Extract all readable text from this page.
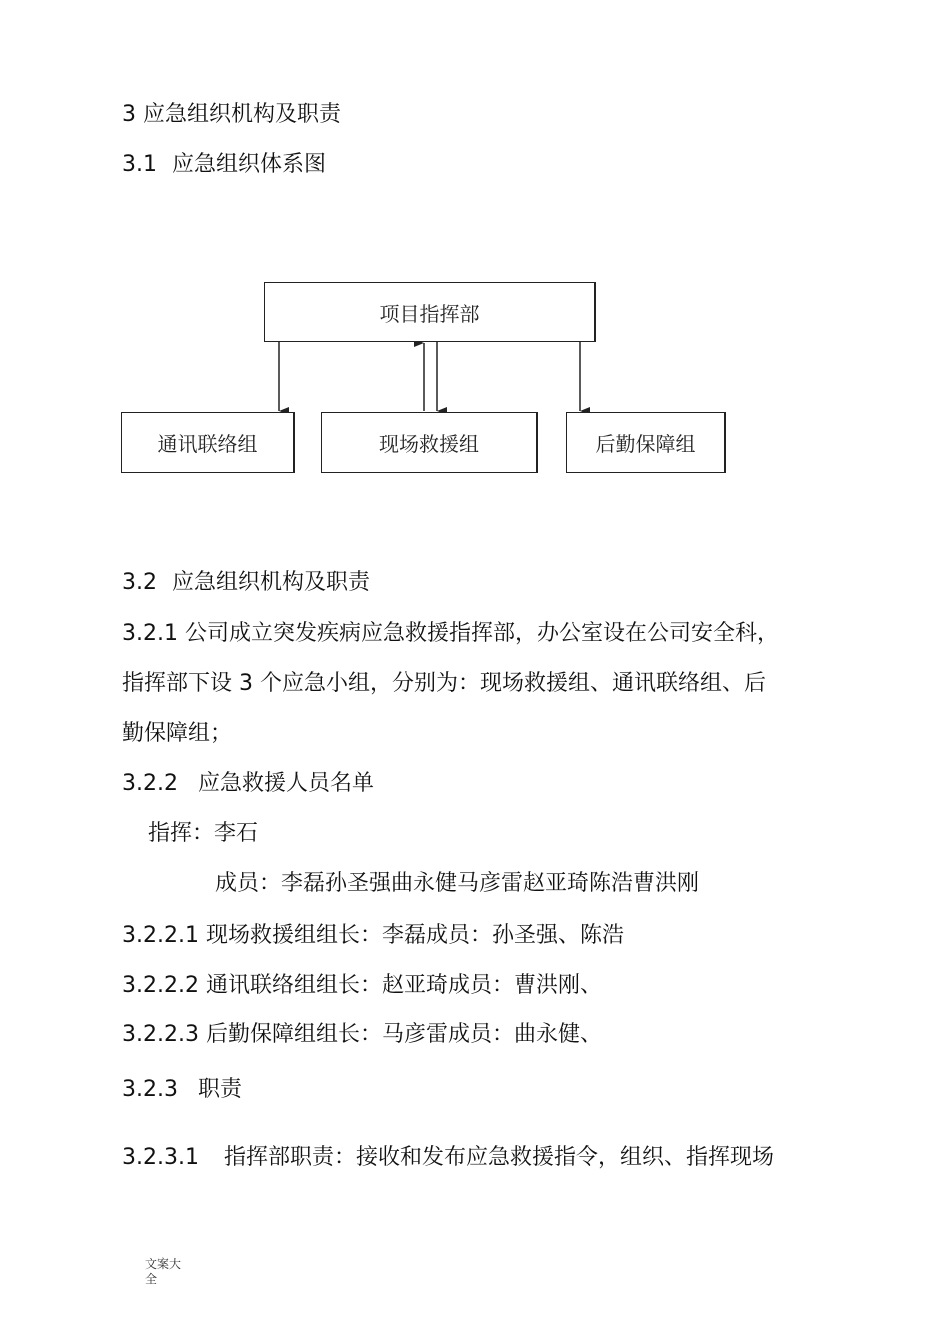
3 应急组织机构及职责
3.1 应急组织体系图
项目指挥部
通讯联络组	现场救援组	后勤保障组
3.2 应急组织机构及职责
3.2.1 公司成立突发疾病应急救援指挥部，办公室设在公司安全科，
指挥部下设 3 个应急小组，分别为：现场救援组、通讯联络组、后
勤保障组；
3.2.2 应急救援人员名单
指挥：李石
成员：李磊孙圣强曲永健马彦雷赵亚琦陈浩曹洪刚
3.2.2.1 现场救援组组长：李磊成员：孙圣强、陈浩
3.2.2.2 通讯联络组组长：赵亚琦成员：曹洪刚、
3.2.2.3 后勤保障组组长：马彦雷成员：曲永健、
3.2.3 职责
3.2.3.1 指挥部职责：接收和发布应急救援指令，组织、指挥现场
文案大
全
